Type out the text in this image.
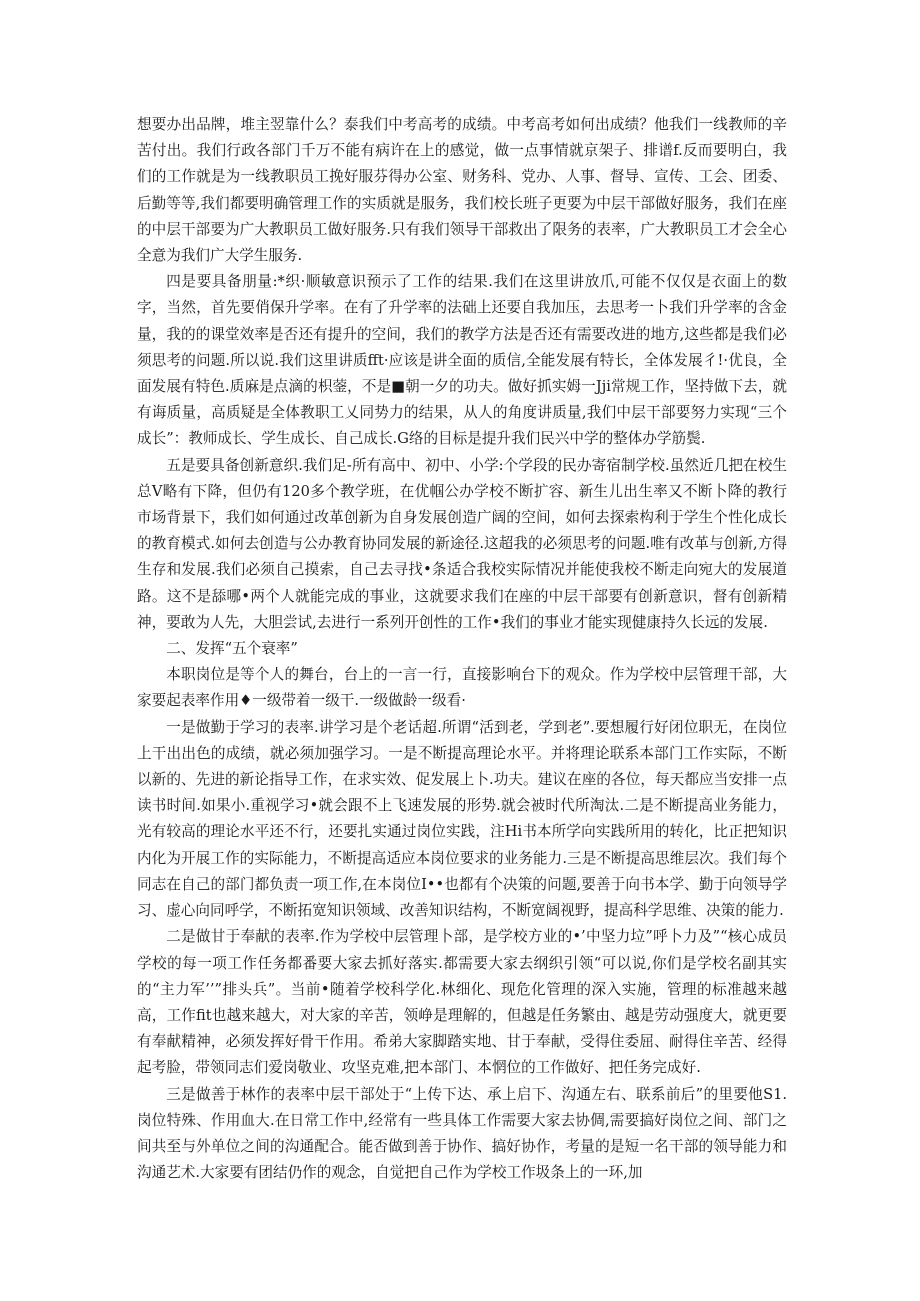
想要办出品牌，堆主翌靠什么？泰我们中考高考的成绩。中考高考如何出成绩？他我们一线教师的辛苦付出。我们行政各部门千万不能有病许在上的感觉，做一点事情就京架子、排谱f.反而要明白，我们的工作就是为一线教职员工挽好服芬得办公室、财务科、党办、人事、督导、宣传、工会、团委、后勤等等,我们都要明确管理工作的实质就是服务，我们校长班子更要为中层干部做好服务，我们在座的中层干部要为广大教职员工做好服务.只有我们领导干部救出了限务的表率，广大教职员工才会全心全意为我们广大学生服务.

四是要具备朋量:*织·顺敏意识预示了工作的结果.我们在这里讲放爪,可能不仅仅是衣面上的数字，当然，首先要俏保升学率。在有了升学率的法础上还要自我加压，去思考一卜我们升学率的含金量，我的的课堂效率是否还有提升的空间，我们的教学方法是否还有需要改进的地方,这些都是我们必须思考的问题.所以说.我们这里讲质fft·应该是讲全面的质信,全能发展有特长，全体发展彳!·优良，全面发展有特色.质麻是点滴的枳蓥，不是■朝一夕的功夫。做好抓实姆一Jji常规工作，坚持做下去，就有诲质量，高质疑是全体教职工乂同势力的结果，从人的角度讲质量,我们中层干部要努力实现“三个成长”：教师成长、学生成长、自己成长.G络的目标是提升我们民兴中学的整体办学筋鬓.

五是要具备创新意织.我们足-所有高中、初中、小学:个学段的民办寄宿制学校.虽然近几把在校生总Ⅴ略有下降，但仍有120多个教学班，在优帼公办学校不断扩容、新生儿出生率又不断卜降的教行市场背景下，我们如何通过改革创新为自身发展创造广阔的空间，如何去探索构利于学生个性化成长的教育模式.如何去创造与公办教育协同发展的新途径.这超我的必须思考的问题.唯有改革与创新,方得生存和发展.我们必须自己摸索，自己去寻找•条适合我校实际情况并能使我校不断走向宛大的发展道路。这不是舔哪•两个人就能完成的事业，这就要求我们在座的中层干部要有创新意识，督有创新精神，要敢为人先，大胆尝试,去进行一系列开创性的工作•我们的事业才能实现健康持久长远的发展.

二、发挥“五个衰率”

本职岗位是等个人的舞台，台上的一言一行，直接影响台下的观众。作为学校中层管理干部，大家要起表率作用♦一级带着一级干.一级做龄一级看·

一是做勤于学习的表率.讲学习是个老话超.所谓“活到老，学到老”.要想履行好闭位职无，在岗位上干出出色的成绩，就必须加强学习。一是不断提高理论水平。并将理论联系本部门工作实际，不断以新的、先进的新论指导工作，在求实效、促发展上卜.功夫。建议在座的各位，每天都应当安排一点读书时间.如果小.重视学习•就会跟不上飞速发展的形势.就会被时代所淘汰.二是不断提高业务能力，光有较高的理论水平还不行，还要扎实通过岗位实践，注Hi书本所学向实践所用的转化，比正把知识内化为开展工作的实际能力，不断提高适应本岗位要求的业务能力.三是不断提高思维层次。我们每个同志在自己的部门都负责一项工作,在本岗位I••也都有个决策的问题,要善于向书本学、勤于向领导学习、虚心向同呼学，不断拓宽知识领域、改善知识结构，不断宽阔视野，提高科学思维、决策的能力.

二是做甘于奉献的表率.作为学校中层管理卜部，是学校方业的•’中坚力垃”呼卜力及”“核心成员学校的每一项工作任务都番要大家去抓好落实.都需要大家去纲织引领“可以说,你们是学校名副其实的“主力军’’”排头兵”。当前•随着学校科学化.林细化、现危化管理的深入实施，管理的标准越来越高，工作fit也越来越大，对大家的辛苦，领峥是理解的，但越是任务繁由、越是劳动强度大，就更要有奉献精神，必须发挥好骨干作用。希弟大家脚踏实地、甘于奉献，受得住委屈、耐得住辛苦、经得起考脸，带领同志们爱岗敬业、攻坚克难,把本部门、本惘位的工作做好、把任务完成好.

三是做善于林作的表率中层干部处于“上传下达、承上启下、沟通左右、联系前后”的里要他S1.岗位特殊、作用血大.在日常工作中,经常有一些具体工作需要大家去协倜,需要搞好岗位之间、部门之间共至与外单位之间的沟通配合。能否做到善于协作、搞好协作，考量的是短一名干部的领导能力和沟通艺术.大家要有团结仍作的观念，自觉把自己作为学校工作圾条上的一环,加
